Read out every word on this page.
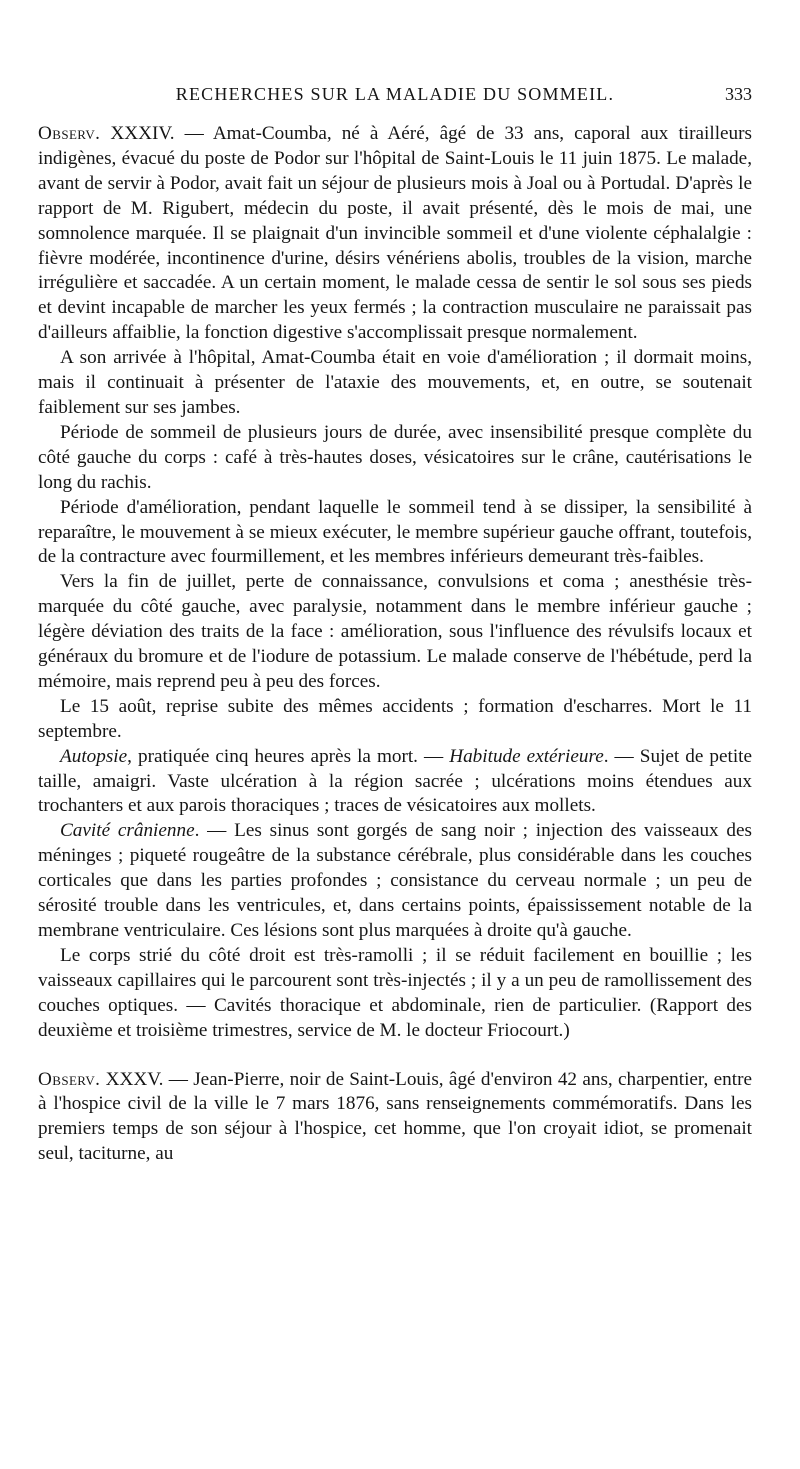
RECHERCHES SUR LA MALADIE DU SOMMEIL.	333

Observ. XXXIV. — Amat-Coumba, né à Aéré, âgé de 33 ans, caporal aux tirailleurs indigènes, évacué du poste de Podor sur l'hôpital de Saint-Louis le 11 juin 1875. Le malade, avant de servir à Podor, avait fait un séjour de plusieurs mois à Joal ou à Portudal. D'après le rapport de M. Rigubert, médecin du poste, il avait présenté, dès le mois de mai, une somnolence marquée. Il se plaignait d'un invincible sommeil et d'une violente céphalalgie : fièvre modérée, incontinence d'urine, désirs vénériens abolis, troubles de la vision, marche irrégulière et saccadée. A un certain moment, le malade cessa de sentir le sol sous ses pieds et devint incapable de marcher les yeux fermés ; la contraction musculaire ne paraissait pas d'ailleurs affaiblie, la fonction digestive s'accomplissait presque normalement.

A son arrivée à l'hôpital, Amat-Coumba était en voie d'amélioration ; il dormait moins, mais il continuait à présenter de l'ataxie des mouvements, et, en outre, se soutenait faiblement sur ses jambes.

Période de sommeil de plusieurs jours de durée, avec insensibilité presque complète du côté gauche du corps : café à très-hautes doses, vésicatoires sur le crâne, cautérisations le long du rachis.

Période d'amélioration, pendant laquelle le sommeil tend à se dissiper, la sensibilité à reparaître, le mouvement à se mieux exécuter, le membre supérieur gauche offrant, toutefois, de la contracture avec fourmillement, et les membres inférieurs demeurant très-faibles.

Vers la fin de juillet, perte de connaissance, convulsions et coma ; anesthésie très-marquée du côté gauche, avec paralysie, notamment dans le membre inférieur gauche ; légère déviation des traits de la face : amélioration, sous l'influence des révulsifs locaux et généraux du bromure et de l'iodure de potassium. Le malade conserve de l'hébétude, perd la mémoire, mais reprend peu à peu des forces.

Le 15 août, reprise subite des mêmes accidents ; formation d'escharres. Mort le 11 septembre.

Autopsie, pratiquée cinq heures après la mort. — Habitude extérieure. — Sujet de petite taille, amaigri. Vaste ulcération à la région sacrée ; ulcérations moins étendues aux trochanters et aux parois thoraciques ; traces de vésicatoires aux mollets.

Cavité crânienne. — Les sinus sont gorgés de sang noir ; injection des vaisseaux des méninges ; piqueté rougeâtre de la substance cérébrale, plus considérable dans les couches corticales que dans les parties profondes ; consistance du cerveau normale ; un peu de sérosité trouble dans les ventricules, et, dans certains points, épaississement notable de la membrane ventriculaire. Ces lésions sont plus marquées à droite qu'à gauche.

Le corps strié du côté droit est très-ramolli ; il se réduit facilement en bouillie ; les vaisseaux capillaires qui le parcourent sont très-injectés ; il y a un peu de ramollissement des couches optiques. — Cavités thoracique et abdominale, rien de particulier. (Rapport des deuxième et troisième trimestres, service de M. le docteur Friocourt.)

Observ. XXXV. — Jean-Pierre, noir de Saint-Louis, âgé d'environ 42 ans, charpentier, entre à l'hospice civil de la ville le 7 mars 1876, sans renseignements commémoratifs. Dans les premiers temps de son séjour à l'hospice, cet homme, que l'on croyait idiot, se promenait seul, taciturne, au
